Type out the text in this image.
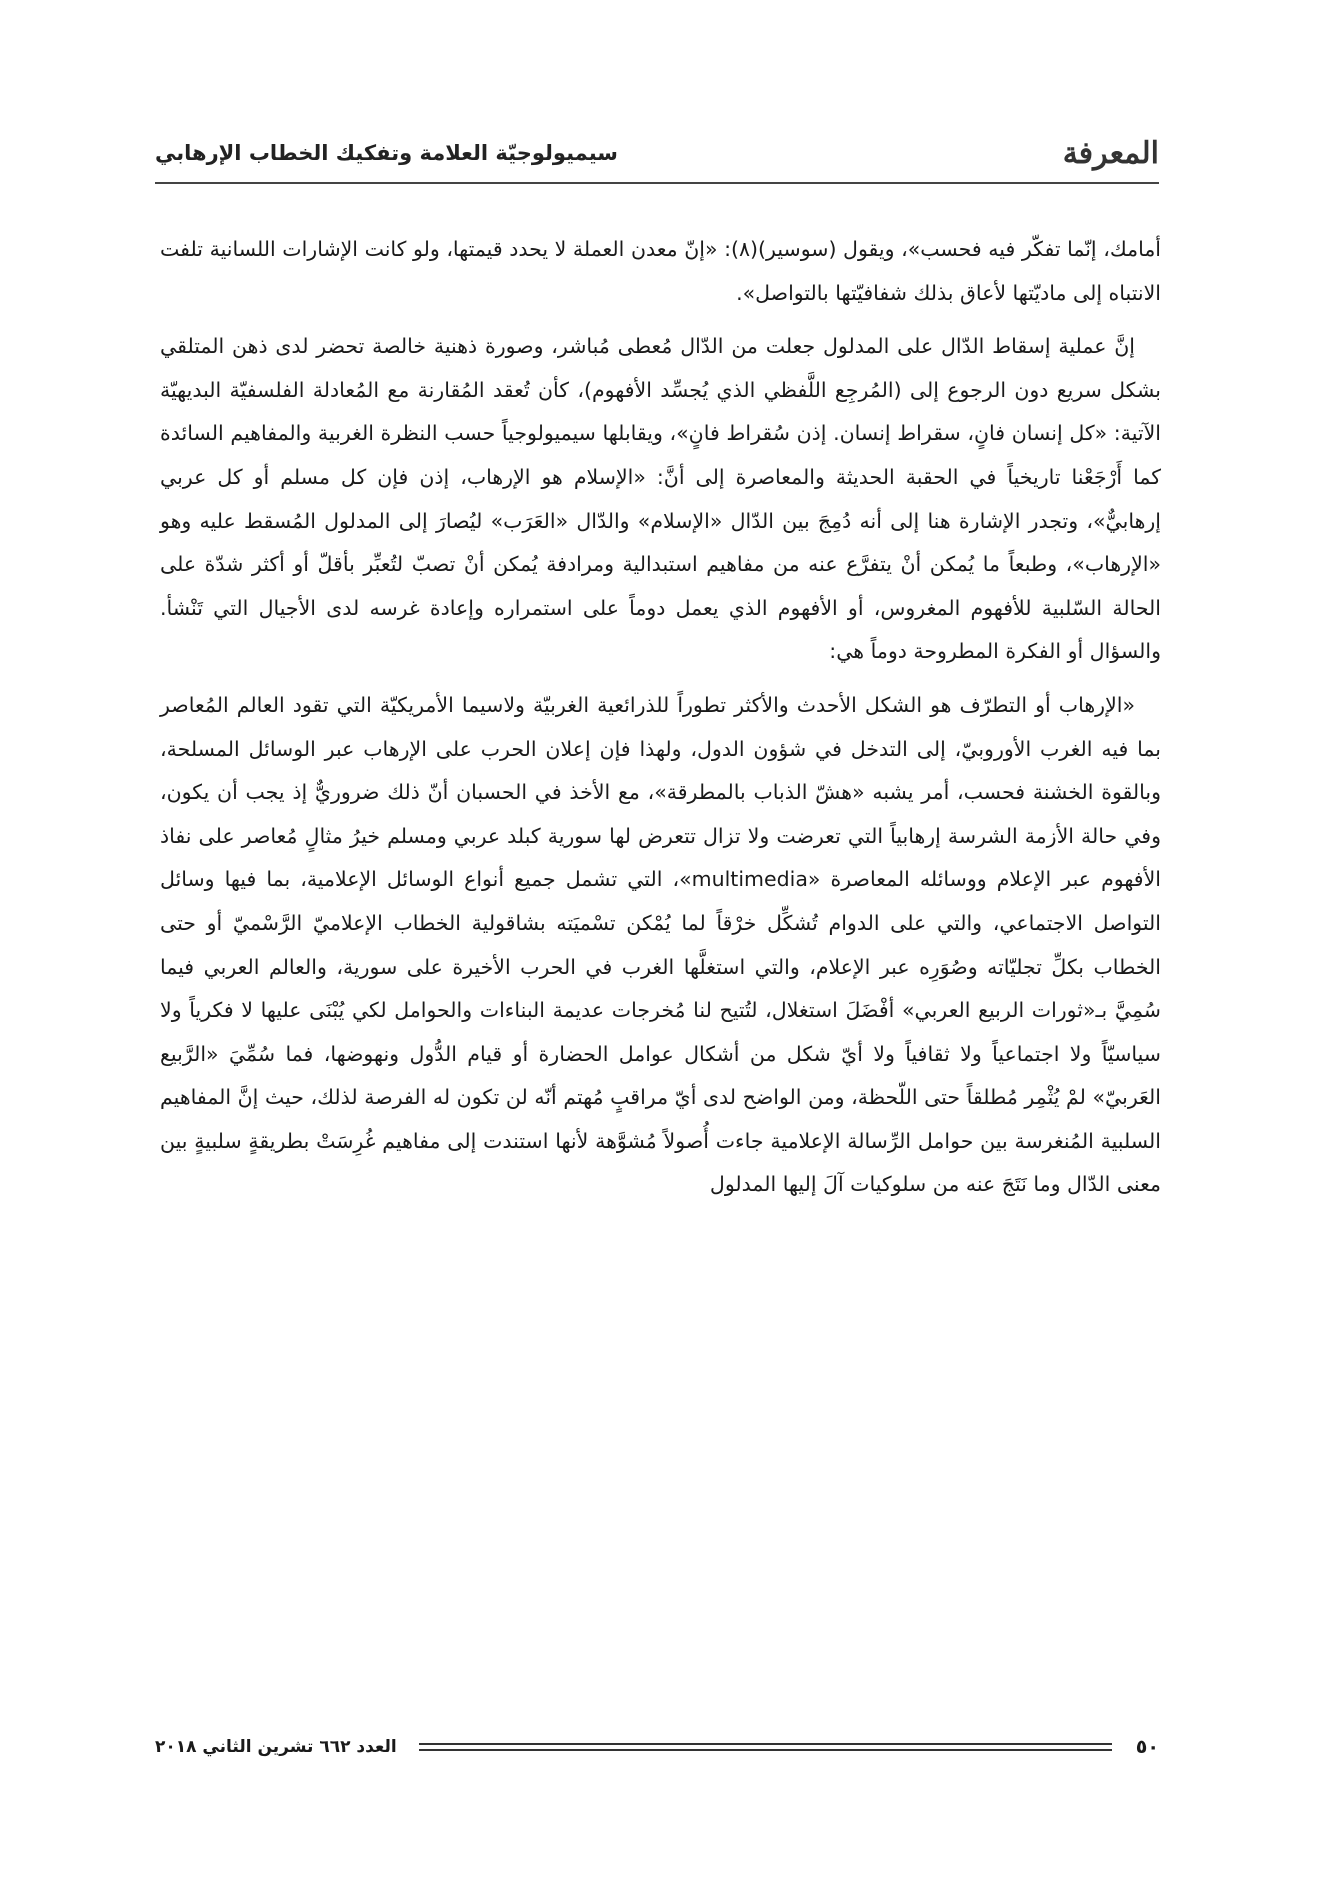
المعرفة
سيميولوجيّة العلامة وتفكيك الخطاب الإرهابي

أمامك، إنّما تفكّر فيه فحسب»، ويقول (سوسير)(٨): «إنّ معدن العملة لا يحدد قيمتها، ولو كانت الإشارات اللسانية تلفت الانتباه إلى ماديّتها لأعاق بذلك شفافيّتها بالتواصل».

إنَّ عملية إسقاط الدّال على المدلول جعلت من الدّال مُعطى مُباشر، وصورة ذهنية خالصة تحضر لدى ذهن المتلقي بشكل سريع دون الرجوع إلى (المُرجِع اللَّفظي الذي يُجسِّد الأفهوم)، كأن تُعقد المُقارنة مع المُعادلة الفلسفيّة البديهيّة الآتية: «كل إنسان فانٍ، سقراط إنسان. إذن سُقراط فانٍ»، ويقابلها سيميولوجياً حسب النظرة الغربية والمفاهيم السائدة كما أَرْجَعْنا تاريخياً في الحقبة الحديثة والمعاصرة إلى أنَّ: «الإسلام هو الإرهاب، إذن فإن كل مسلم أو كل عربي إرهابيٌّ»، وتجدر الإشارة هنا إلى أنه دُمِجَ بين الدّال «الإسلام» والدّال «العَرَب» ليُصارَ إلى المدلول المُسقط عليه وهو «الإرهاب»، وطبعاً ما يُمكن أنْ يتفرَّع عنه من مفاهيم استبدالية ومرادفة يُمكن أنْ تصبّ لتُعبِّر بأقلّ أو أكثر شدّة على الحالة السّلبية للأفهوم المغروس، أو الأفهوم الذي يعمل دوماً على استمراره وإعادة غرسه لدى الأجيال التي تَنْشأ. والسؤال أو الفكرة المطروحة دوماً هي:

«الإرهاب أو التطرّف هو الشكل الأحدث والأكثر تطوراً للذرائعية الغربيّة ولاسيما الأمريكيّة التي تقود العالم المُعاصر بما فيه الغرب الأوروبيّ، إلى التدخل في شؤون الدول، ولهذا فإن إعلان الحرب على الإرهاب عبر الوسائل المسلحة، وبالقوة الخشنة فحسب، أمر يشبه «هشّ الذباب بالمطرقة»، مع الأخذ في الحسبان أنّ ذلك ضروريٌّ إذ يجب أن يكون، وفي حالة الأزمة الشرسة إرهابياً التي تعرضت ولا تزال تتعرض لها سورية كبلد عربي ومسلم خيرُ مثالٍ مُعاصر على نفاذ الأفهوم عبر الإعلام ووسائله المعاصرة «multimedia»، التي تشمل جميع أنواع الوسائل الإعلامية، بما فيها وسائل التواصل الاجتماعي، والتي على الدوام تُشكِّل خرْقاً لما يُمْكن تسْميَته بشاقولية الخطاب الإعلاميّ الرَّسْميّ أو حتى الخطاب بكلِّ تجليّاته وصُوَرِه عبر الإعلام، والتي استغلَّها الغرب في الحرب الأخيرة على سورية، والعالم العربي فيما سُمِيَّ بـ«ثورات الربيع العربي» أفْضَلَ استغلال، لتُتيح لنا مُخرجات عديمة البناءات والحوامل لكي يُبْنَى عليها لا فكرياً ولا سياسيّاً ولا اجتماعياً ولا ثقافياً ولا أيّ شكل من أشكال عوامل الحضارة أو قيام الدُّول ونهوضها، فما سُمِّيَ «الرَّبيع العَربيّ» لمْ يُثْمِر مُطلقاً حتى اللّحظة، ومن الواضح لدى أيّ مراقبٍ مُهتم أنّه لن تكون له الفرصة لذلك، حيث إنَّ المفاهيم السلبية المُنغرسة بين حوامل الرِّسالة الإعلامية جاءت أُصولاً مُشوَّهة لأنها استندت إلى مفاهيم غُرِسَتْ بطريقةٍ سلبيةٍ بين معنى الدّال وما نَتَجَ عنه من سلوكيات آلَ إليها المدلول

٥٠
العدد ٦٦٢ تشرين الثاني ٢٠١٨
